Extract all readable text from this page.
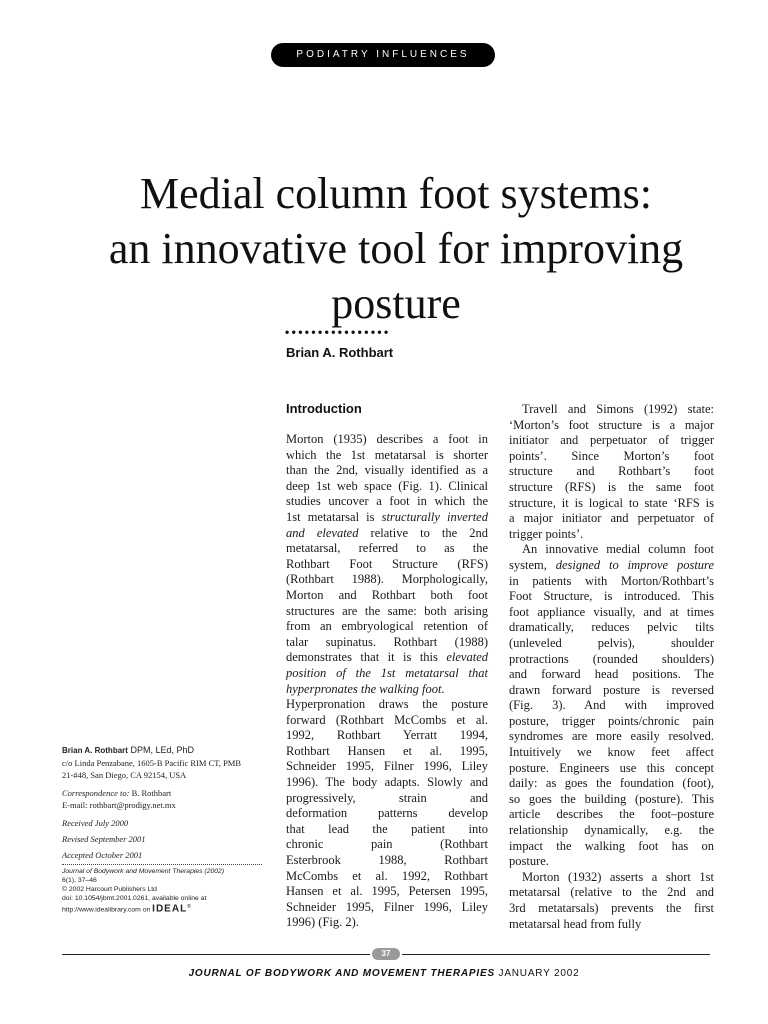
PODIATRY INFLUENCES
Medial column foot systems:
an innovative tool for improving
posture
••••••••••••••••
Brian A. Rothbart
Introduction
Morton (1935) describes a foot in
which the 1st metatarsal is shorter
than the 2nd, visually identified as a
deep 1st web space (Fig. 1). Clinical
studies uncover a foot in which the
1st metatarsal is structurally inverted
and elevated relative to the 2nd
metatarsal, referred to as the
Rothbart Foot Structure (RFS)
(Rothbart 1988). Morphologically,
Morton and Rothbart both foot
structures are the same: both arising
from an embryological retention of
talar supinatus. Rothbart (1988)
demonstrates that it is this elevated
position of the 1st metatarsal that
hyperpronates the walking foot.
Hyperpronation draws the posture
forward (Rothbart McCombs et al.
1992, Rothbart Yerratt 1994,
Rothbart Hansen et al. 1995,
Schneider 1995, Filner 1996, Liley
1996). The body adapts. Slowly and
progressively, strain and
deformation patterns develop
that lead the patient into
chronic pain (Rothbart
Esterbrook 1988, Rothbart
McCombs et al. 1992, Rothbart
Hansen et al. 1995, Petersen 1995,
Schneider 1995, Filner 1996, Liley
1996) (Fig. 2).
Travell and Simons (1992) state:
‘Morton’s foot structure is a major
initiator and perpetuator of trigger
points’. Since Morton’s foot
structure and Rothbart’s foot
structure (RFS) is the same foot
structure, it is logical to state ‘RFS is
a major initiator and perpetuator of
trigger points’.
An innovative medial column foot
system, designed to improve posture
in patients with Morton/Rothbart’s
Foot Structure, is introduced. This
foot appliance visually, and at times
dramatically, reduces pelvic tilts
(unleveled pelvis), shoulder
protractions (rounded shoulders)
and forward head positions. The
drawn forward posture is reversed
(Fig. 3). And with improved
posture, trigger points/chronic pain
syndromes are more easily resolved.
Intuitively we know feet affect
posture. Engineers use this concept
daily: as goes the foundation (foot),
so goes the building (posture). This
article describes the foot–posture
relationship dynamically, e.g. the
impact the walking foot has on
posture.
Morton (1932) asserts a short 1st
metatarsal (relative to the 2nd and
3rd metatarsals) prevents the first
metatarsal head from fully
Brian A. Rothbart DPM, LEd, PhD
c/o Linda Penzabane, 1605-B Pacific RIM CT, PMB
21-#48, San Diego, CA 92154, USA
Correspondence to: B. Rothbart
E-mail: rothbart@prodigy.net.mx
Received July 2000
Revised September 2001
Accepted October 2001
Journal of Bodywork and Movement Therapies (2002)
6(1), 37–46
© 2002 Harcourt Publishers Ltd
doi: 10.1054/jbmt.2001.0261, available online at
http://www.idealibrary.com on IDEAL®
37
JOURNAL OF BODYWORK AND MOVEMENT THERAPIES JANUARY 2002
